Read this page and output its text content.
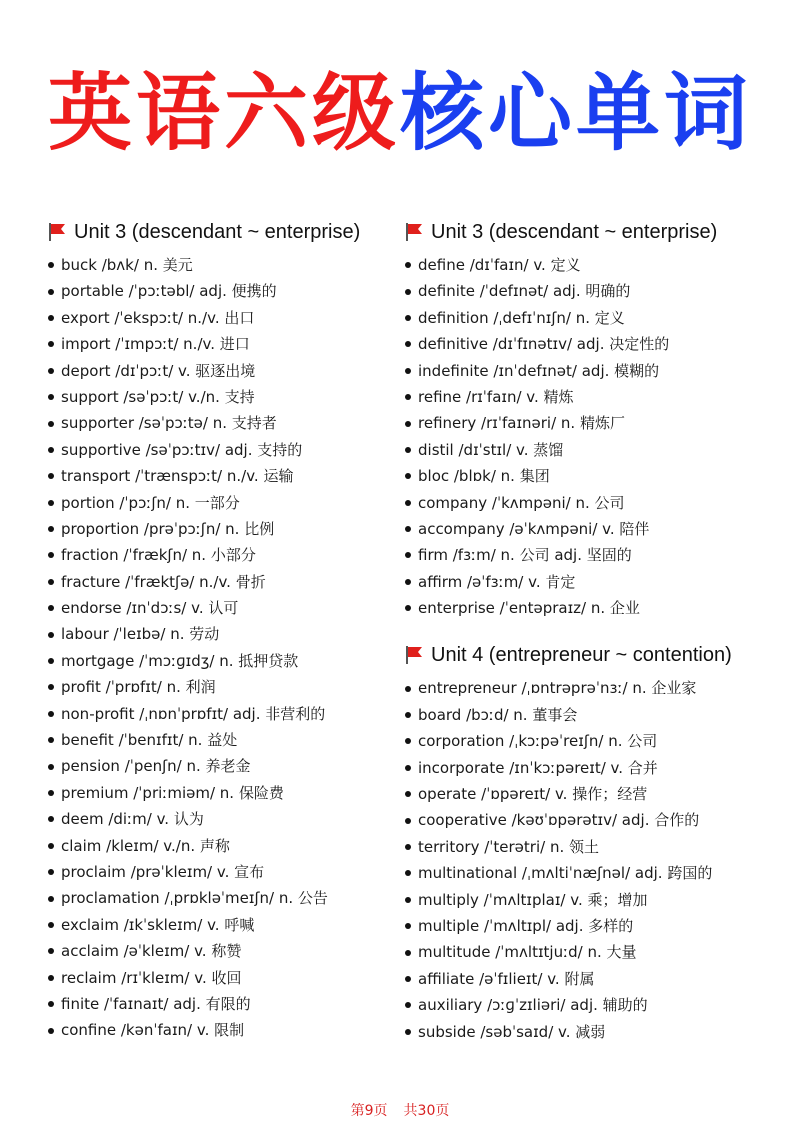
英语六级核心单词
Unit 3 (descendant ~ enterprise)
buck /bʌk/ n. 美元
portable /ˈpɔːtəbl/ adj. 便携的
export /ˈekspɔːt/ n./v. 出口
import /ˈɪmpɔːt/ n./v. 进口
deport /dɪˈpɔːt/ v. 驱逐出境
support /səˈpɔːt/ v./n. 支持
supporter /səˈpɔːtə/ n. 支持者
supportive /səˈpɔːtɪv/ adj. 支持的
transport /ˈtrænspɔːt/ n./v. 运输
portion /ˈpɔːʃn/ n. 一部分
proportion /prəˈpɔːʃn/ n. 比例
fraction /ˈfrækʃn/ n. 小部分
fracture /ˈfræktʃə/ n./v. 骨折
endorse /ɪnˈdɔːs/ v. 认可
labour /ˈleɪbə/ n. 劳动
mortgage /ˈmɔːɡɪdʒ/ n. 抵押贷款
profit /ˈprɒfɪt/ n. 利润
non-profit /ˌnɒnˈprɒfɪt/ adj. 非营利的
benefit /ˈbenɪfɪt/ n. 益处
pension /ˈpenʃn/ n. 养老金
premium /ˈpriːmiəm/ n. 保险费
deem /diːm/ v. 认为
claim /kleɪm/ v./n. 声称
proclaim /prəˈkleɪm/ v. 宣布
proclamation /ˌprɒkləˈmeɪʃn/ n. 公告
exclaim /ɪkˈskleɪm/ v. 呼喊
acclaim /əˈkleɪm/ v. 称赞
reclaim /rɪˈkleɪm/ v. 收回
finite /ˈfaɪnaɪt/ adj. 有限的
confine /kənˈfaɪn/ v. 限制
Unit 3 (descendant ~ enterprise)
define /dɪˈfaɪn/ v. 定义
definite /ˈdefɪnət/ adj. 明确的
definition /ˌdefɪˈnɪʃn/ n. 定义
definitive /dɪˈfɪnətɪv/ adj. 决定性的
indefinite /ɪnˈdefɪnət/ adj. 模糊的
refine /rɪˈfaɪn/ v. 精炼
refinery /rɪˈfaɪnəri/ n. 精炼厂
distil /dɪˈstɪl/ v. 蒸馏
bloc /blɒk/ n. 集团
company /ˈkʌmpəni/ n. 公司
accompany /əˈkʌmpəni/ v. 陪伴
firm /fɜːm/ n. 公司 adj. 坚固的
affirm /əˈfɜːm/ v. 肯定
enterprise /ˈentəpraɪz/ n. 企业
Unit 4 (entrepreneur ~ contention)
entrepreneur /ˌɒntrəprəˈnɜː/ n. 企业家
board /bɔːd/ n. 董事会
corporation /ˌkɔːpəˈreɪʃn/ n. 公司
incorporate /ɪnˈkɔːpəreɪt/ v. 合并
operate /ˈɒpəreɪt/ v. 操作；经营
cooperative /kəʊˈɒpərətɪv/ adj. 合作的
territory /ˈterətri/ n. 领土
multinational /ˌmʌltiˈnæʃnəl/ adj. 跨国的
multiply /ˈmʌltɪplaɪ/ v. 乘；增加
multiple /ˈmʌltɪpl/ adj. 多样的
multitude /ˈmʌltɪtjuːd/ n. 大量
affiliate /əˈfɪlieɪt/ v. 附属
auxiliary /ɔːɡˈzɪliəri/ adj. 辅助的
subside /səbˈsaɪd/ v. 减弱
第9页 共30页
